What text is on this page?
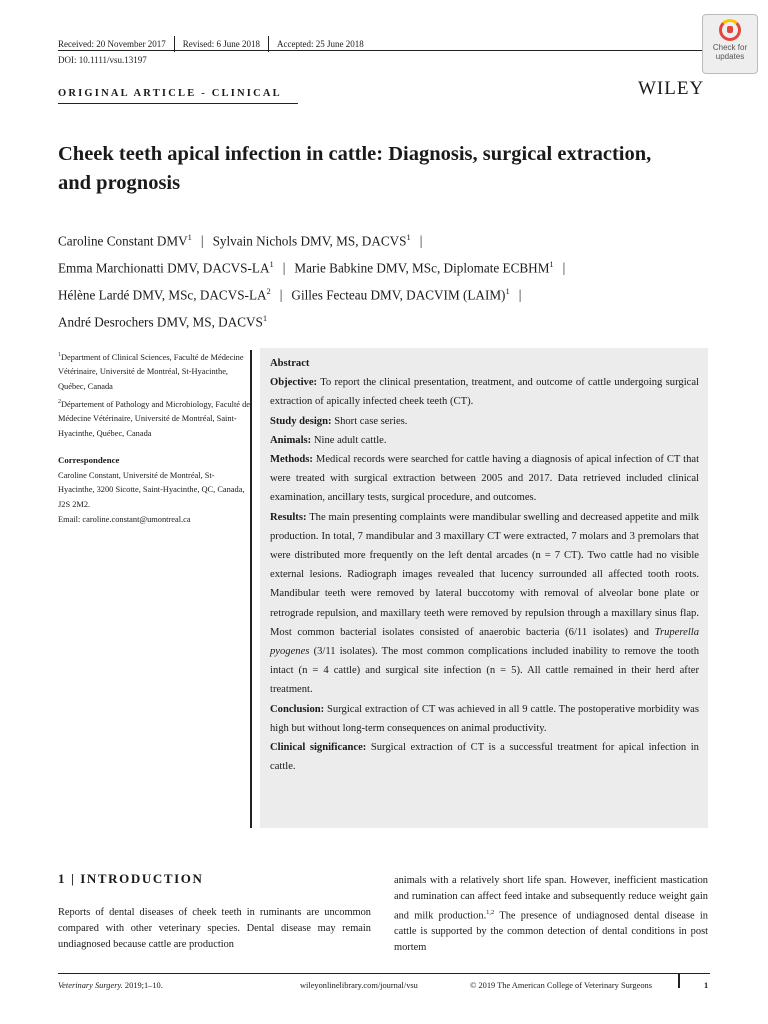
Received: 20 November 2017	Revised: 6 June 2018	Accepted: 25 June 2018
DOI: 10.1111/vsu.13197
Check for
updates
WILEY
ORIGINAL ARTICLE - CLINICAL
Cheek teeth apical infection in cattle: Diagnosis, surgical extraction, and prognosis
Caroline Constant DMV$^1$ | Sylvain Nichols DMV, MS, DACVS$^1$ |
Emma Marchionatti DMV, DACVS-$LA^1$ | Marie Babkine DMV, MSc, Diplomate ECBHM$^1$ |
Hélène Lardé DMV, MSc, DACVS-$LA^2$ | Gilles Fecteau DMV, DACVIM (LAIM)$^1$ |
André Desrochers DMV, MS, DACVS$^1$
$^1$Department of Clinical Sciences, Faculté de Médecine Vétérinaire, Université de Montréal, St-Hyacinthe, Québec, Canada
$^2$Département of Pathology and Microbiology, Faculté de Médecine Vétérinaire, Université de Montréal, Saint-Hyacinthe, Québec, Canada
Correspondence
Caroline Constant, Université de Montréal, St-Hyacinthe, 3200 Sicotte, Saint-Hyacinthe, QC, Canada, J2S 2M2.
Email: caroline.constant@umontreal.ca

Abstract

Objective: To report the clinical presentation, treatment, and outcome of cattle undergoing surgical extraction of apically infected cheek teeth (CT).

Study design: Short case series.

Animals: Nine adult cattle.

Methods: Medical records were searched for cattle having a diagnosis of apical infection of CT that were treated with surgical extraction between 2005 and 2017. Data retrieved included clinical examination, ancillary tests, surgical procedure, and outcomes.

Results: The main presenting complaints were mandibular swelling and decreased appetite and milk production. In total, 7 mandibular and 3 maxillary CT were extracted, 7 molars and 3 premolars that were distributed more frequently on the left dental arcades (n = 7 CT). Two cattle had no visible external lesions. Radiograph images revealed that lucency surrounded all affected tooth roots. Mandibular teeth were removed by lateral buccotomy with removal of alveolar bone plate or retrograde repulsion, and maxillary teeth were removed by repulsion through a maxillary sinus flap. Most common bacterial isolates consisted of anaerobic bacteria (6/11 isolates) and Truperella pyogenes (3/11 isolates). The most common complications included inability to remove the tooth intact (n = 4 cattle) and surgical site infection (n = 5). All cattle remained in their herd after treatment.

Conclusion: Surgical extraction of CT was achieved in all 9 cattle. The postoperative morbidity was high but without long-term consequences on animal productivity.

Clinical significance: Surgical extraction of CT is a successful treatment for apical infection in cattle.

1 | INTRODUCTION
Reports of dental diseases of cheek teeth in ruminants are uncommon compared with other veterinary species. Dental disease may remain undiagnosed because cattle are production
animals with a relatively short life span. However, inefficient mastication and rumination can affect feed intake and subsequently reduce weight gain and milk production.$^{1,2}$ The presence of undiagnosed dental disease in cattle is supported by the common detection of dental conditions in post mortem
Veterinary Surgery. 2019;1–10.	wileyonlinelibrary.com/journal/vsu	© 2019 The American College of Veterinary Surgeons	1
